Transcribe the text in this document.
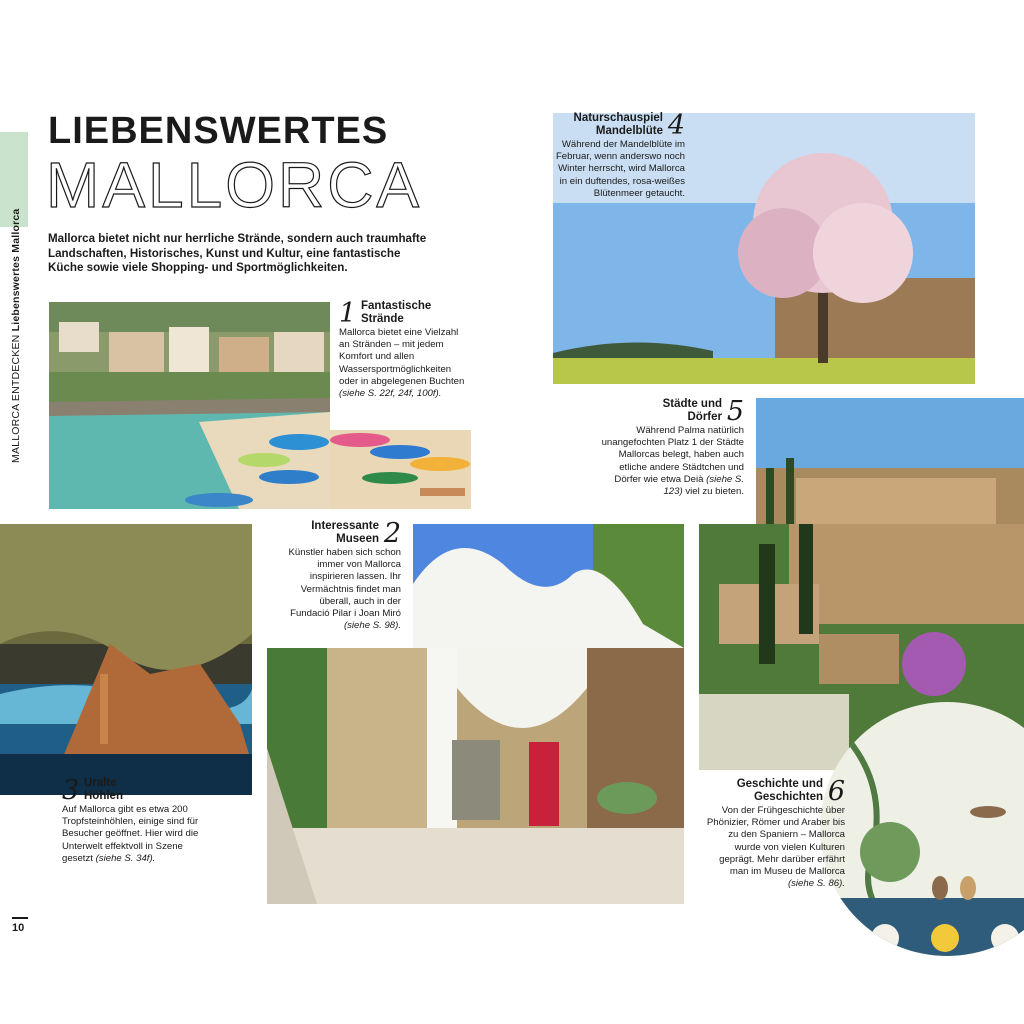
MALLORCA ENTDECKEN Liebenswertes Mallorca
LIEBENSWERTES
MALLORCA
Mallorca bietet nicht nur herrliche Strände, sondern auch traumhafte Landschaften, Historisches, Kunst und Kultur, eine fantastische Küche sowie viele Shopping- und Sportmöglichkeiten.
1 Fantastische
Strände
Mallorca bietet eine Vielzahl an Stränden – mit jedem Komfort und allen Wassersportmöglichkeiten oder in abgelegenen Buchten (siehe S. 22f, 24f, 100f).
3 Uralte
Höhlen
Auf Mallorca gibt es etwa 200 Tropfsteinhöhlen, einige sind für Besucher geöffnet. Hier wird die Unterwelt effektvoll in Szene gesetzt (siehe S. 34f).
2
Interessante
Museen
Künstler haben sich schon immer von Mallorca inspirieren lassen. Ihr Vermächtnis findet man überall, auch in der Fundació Pilar i Joan Miró (siehe S. 98).
4
Naturschauspiel
Mandelblüte
Während der Mandelblüte im Februar, wenn anderswo noch Winter herrscht, wird Mallorca in ein duftendes, rosa-weißes Blütenmeer getaucht.
5
Städte und
Dörfer
Während Palma natürlich unangefochten Platz 1 der Städte Mallorcas belegt, haben auch etliche andere Städtchen und Dörfer wie etwa Deià (siehe S. 123) viel zu bieten.
6
Geschichte und
Geschichten
Von der Frühgeschichte über Phönizier, Römer und Araber bis zu den Spaniern – Mallorca wurde von vielen Kulturen geprägt. Mehr darüber erfährt man im Museu de Mallorca (siehe S. 86).
10
